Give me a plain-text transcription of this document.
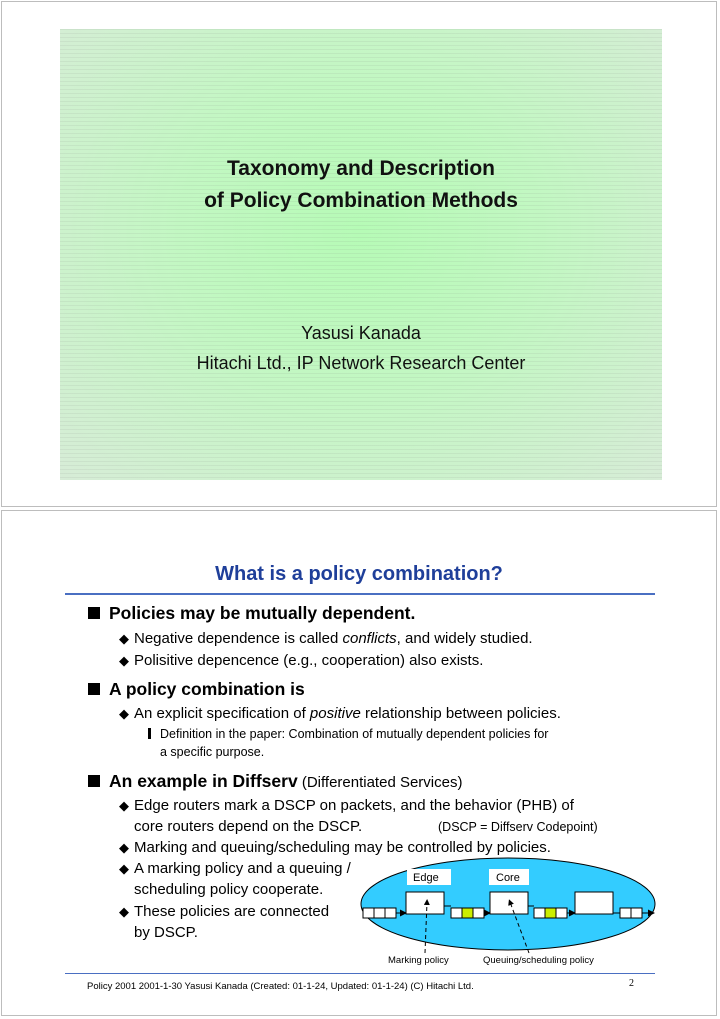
Taxonomy and Description
of Policy Combination Methods
Yasusi Kanada
Hitachi Ltd., IP Network Research Center
What is a policy combination?
Policies may be mutually dependent.
◆ Negative dependence is called conflicts, and widely studied.
◆ Polisitive depencence (e.g., cooperation) also exists.
A policy combination is
◆ An explicit specification of positive relationship between policies.
Definition in the paper: Combination of mutually dependent policies for
a specific purpose.
An example in Diffserv (Differentiated Services)
◆ Edge routers mark a DSCP on packets, and the behavior (PHB) of
core routers depend on the DSCP.	(DSCP = Diffserv Codepoint)
◆ Marking and queuing/scheduling may be controlled by policies.
◆ A marking policy and a queuing /
scheduling policy cooperate.
◆ These policies are connected
by DSCP.
Edge	Core
Marking policy	Queuing/scheduling policy
Policy 2001 2001-1-30 Yasusi Kanada (Created: 01-1-24, Updated: 01-1-24) (C) Hitachi Ltd.	2
